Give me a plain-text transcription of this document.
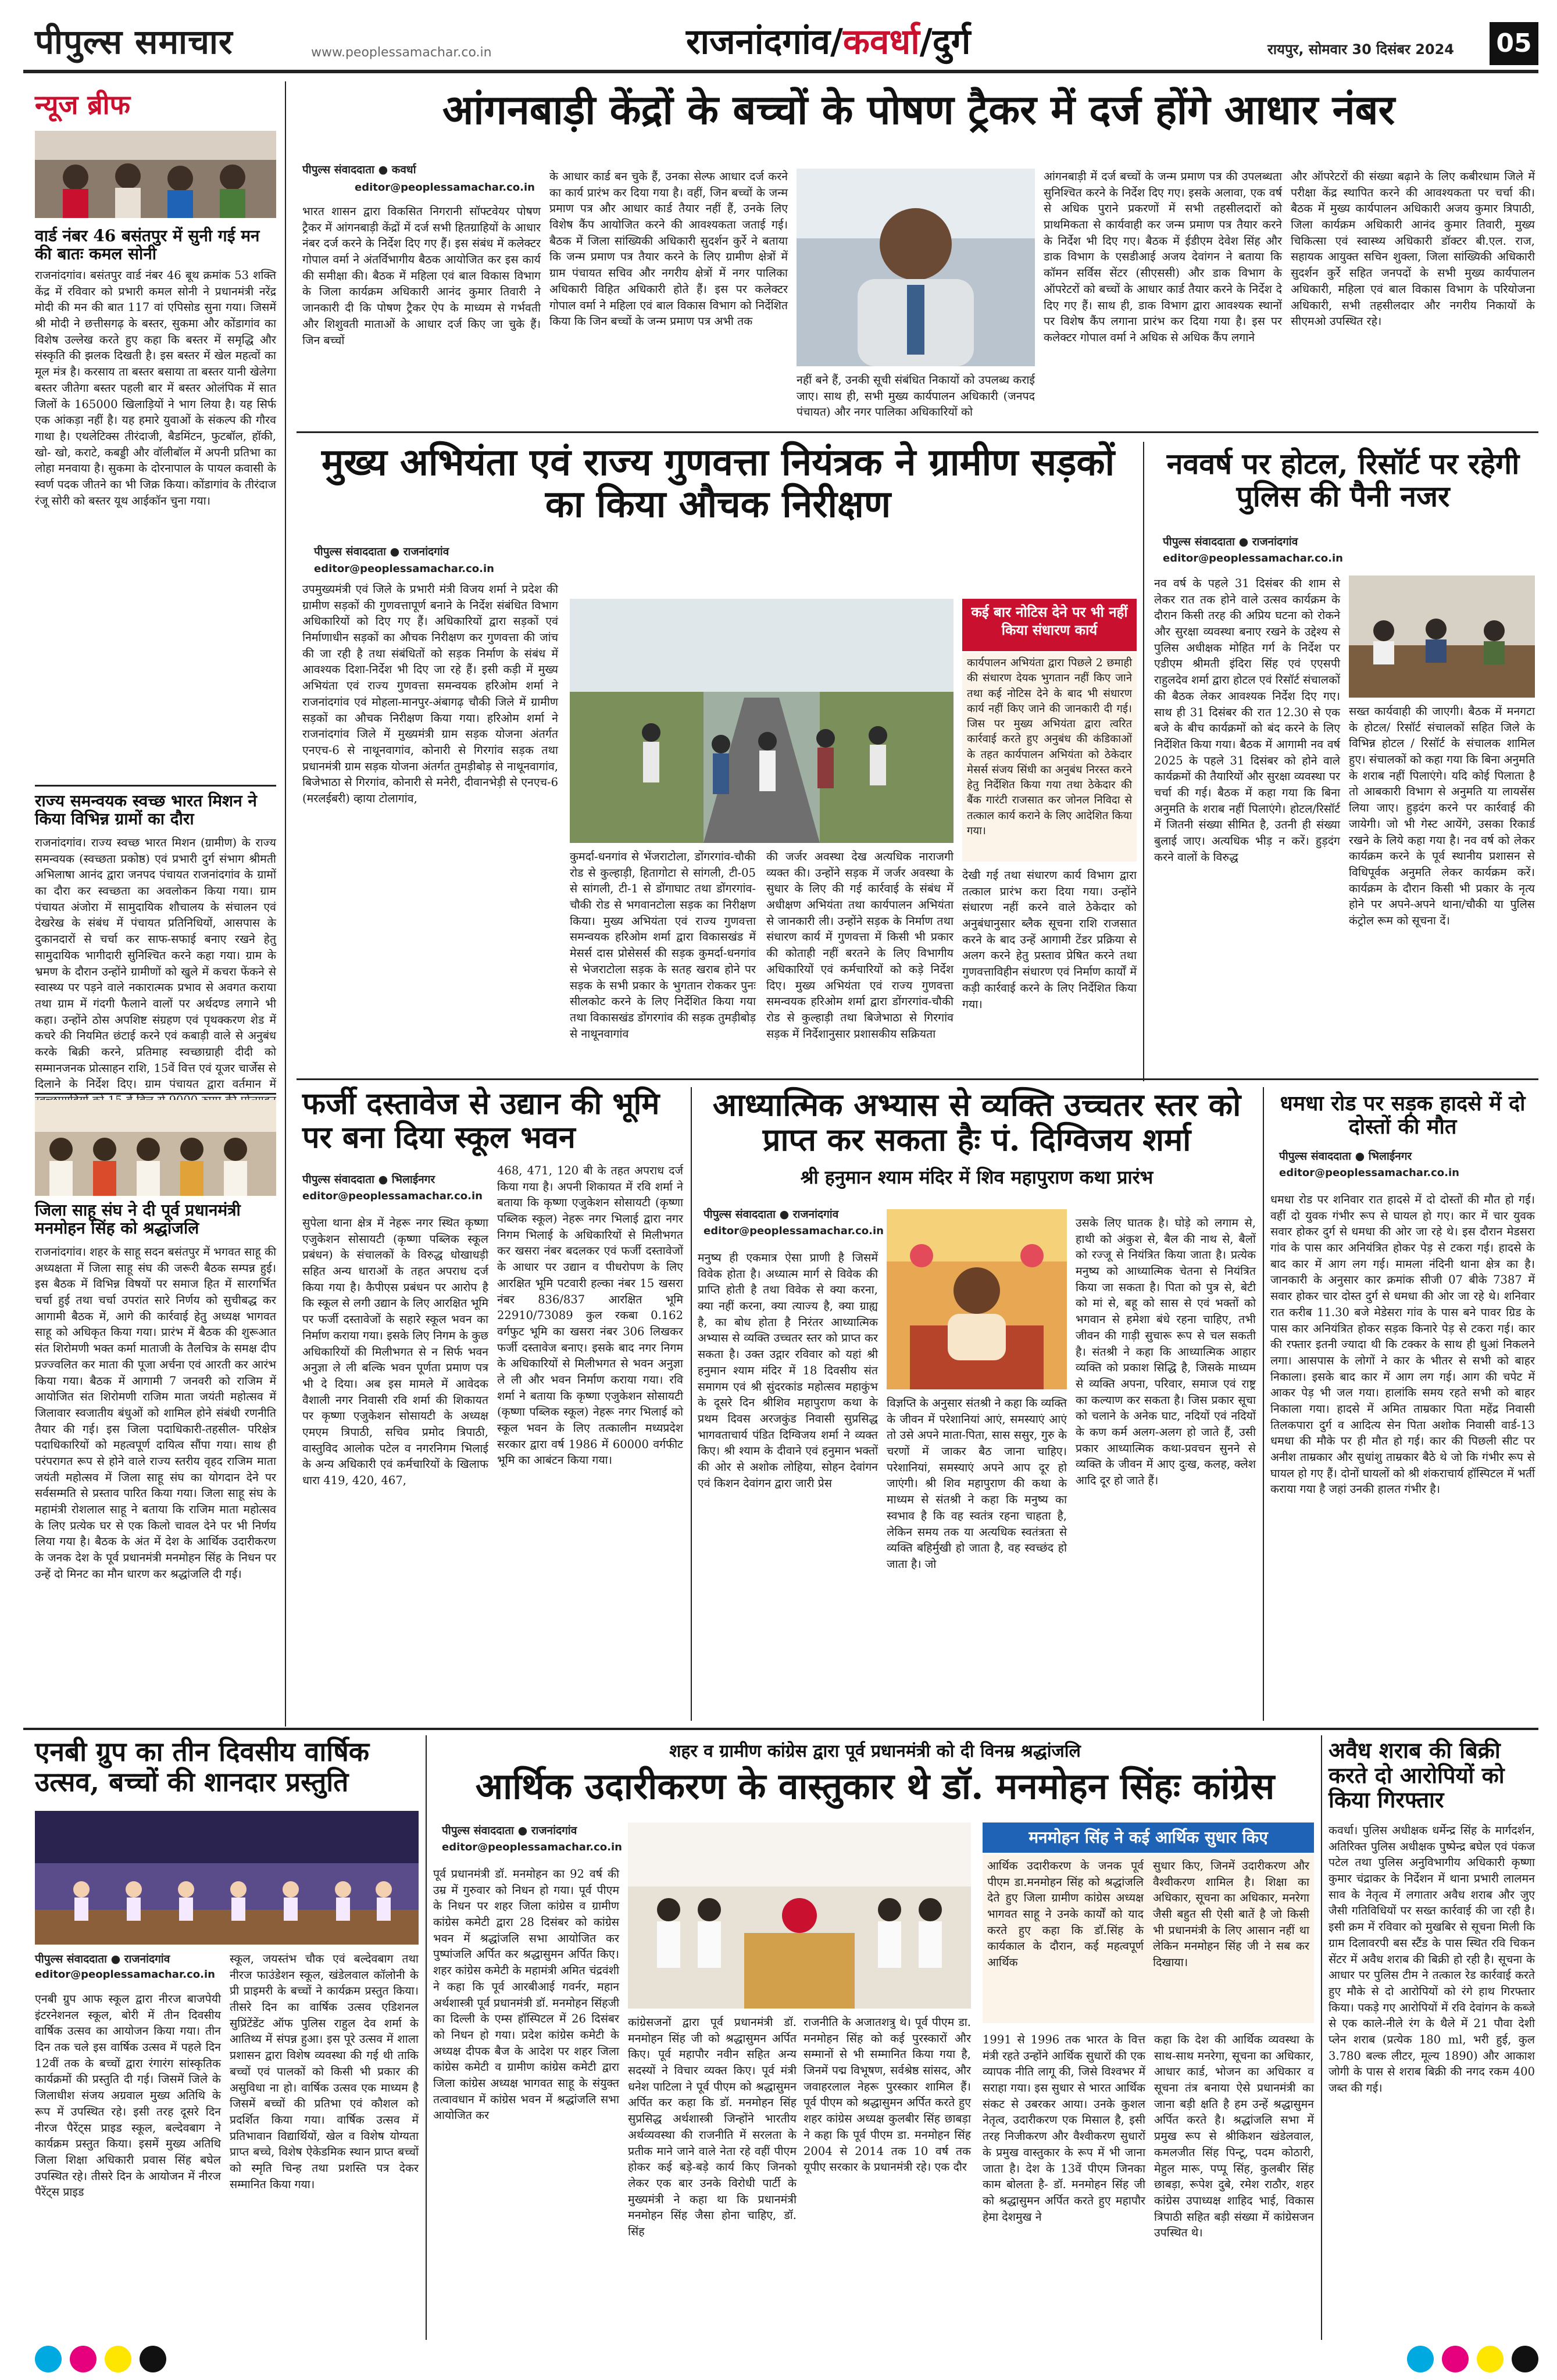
पीपुल्स समाचार	www.peoplessamachar.co.in	राजनांदगांव/कवर्धा/दुर्ग	रायपुर, सोमवार 30 दिसंबर 2024 05
न्यूज ब्रीफ
वार्ड नंबर 46 बसंतपुर में सुनी गई मन की बातः कमल सोनी
राजनांदगांव। बसंतपुर वार्ड नंबर 46 बूथ क्रमांक 53 शक्ति केंद्र में रविवार को प्रभारी कमल सोनी ने प्रधानमंत्री नरेंद्र मोदी की मन की बात 117 वां एपिसोड सुना गया। जिसमें श्री मोदी ने छत्तीसगढ़ के बस्तर, सुकमा और कोंडागांव का विशेष उल्लेख करते हुए कहा कि बस्तर में समृद्धि और संस्कृति की झलक दिखती है। इस बस्तर में खेल महत्वों का मूल मंत्र है। करसाय ता बस्तर बसाया ता बस्तर यानी खेलेगा बस्तर जीतेगा बस्तर पहली बार में बस्तर ओलंपिक में सात जिलों के 165000 खिलाड़ियों ने भाग लिया है। यह सिर्फ एक आंकड़ा नहीं है। यह हमारे युवाओं के संकल्प की गौरव गाथा है। एथलेटिक्स तीरंदाजी, बैडमिंटन, फुटबॉल, हॉकी, खो- खो, कराटे, कबड्डी और वॉलीबॉल में अपनी प्रतिभा का लोहा मनवाया है। सुकमा के दोरनापाल के पायल कवासी के स्वर्ण पदक जीतने का भी जिक्र किया। कोंडागांव के तीरंदाज रंजू सोरी को बस्तर यूथ आईकॉन चुना गया।
राज्य समन्वयक स्वच्छ भारत मिशन ने किया विभिन्न ग्रामों का दौरा
राजनांदगांव। राज्य स्वच्छ भारत मिशन (ग्रामीण) के राज्य समन्वयक (स्वच्छता प्रकोष्ठ) एवं प्रभारी दुर्ग संभाग श्रीमती अभिलाषा आनंद द्वारा जनपद पंचायत राजनांदगांव के ग्रामों का दौरा कर स्वच्छता का अवलोकन किया गया। ग्राम पंचायत अंजोरा में सामुदायिक शौचालय के संचालन एवं देखरेख के संबंध में पंचायत प्रतिनिधियों, आसपास के दुकानदारों से चर्चा कर साफ-सफाई बनाए रखने हेतु सामुदायिक भागीदारी सुनिश्चित करने कहा गया। ग्राम के भ्रमण के दौरान उन्होंने ग्रामीणों को खुले में कचरा फेंकने से स्वास्थ्य पर पड़ने वाले नकारात्मक प्रभाव से अवगत कराया तथा ग्राम में गंदगी फैलाने वालों पर अर्थदण्ड लगाने भी कहा। उन्होंने ठोस अपशिष्ट संग्रहण एवं पृथक्करण शेड में कचरे की नियमित छंटाई करने एवं कबाड़ी वाले से अनुबंध करके बिक्री करने, प्रतिमाह स्वच्छाग्राही दीदी को सम्मानजनक प्रोत्साहन राशि, 15वें वित्त एवं यूजर चार्जेस से दिलाने के निर्देश दिए। ग्राम पंचायत द्वारा वर्तमान में
जिला साहू संघ ने दी पूर्व प्रधानमंत्री मनमोहन सिंह को श्रद्धांजलि
राजनांदगांव। शहर के साहू सदन बसंतपुर में भगवत साहू की अध्यक्षता में जिला साहू संघ की जरूरी बैठक सम्पन्न हुई। इस बैठक में विभिन्न विषयों पर समाज हित में सारगर्भित चर्चा हुई तथा चर्चा उपरांत सारे निर्णय को सुचीबद्ध कर आगामी बैठक में, आगे की कार्रवाई हेतु अध्यक्ष भागवत साहू को अधिकृत किया गया। प्रारंभ में बैठक की शुरूआत संत शिरोमणी भक्त कर्मा माताजी के तैलचित्र के समक्ष दीप प्रज्ज्वलित कर माता की पूजा अर्चना एवं आरती कर आरंभ किया गया। बैठक में आगामी 7 जनवरी को राजिम में आयोजित संत शिरोमणी राजिम माता जयंती महोत्सव में जिलावार स्वजातीय बंधुओं को शामिल होने संबंधी रणनीति तैयार की गई। इस जिला पदाधिकारी-तहसील- परिक्षेत्र पदाधिकारियों को महत्वपूर्ण दायित्व सौंपा गया। साथ ही परंपरागत रूप से होने वाले राज्य स्तरीय वृहद राजिम माता जयंती महोत्सव में जिला साहू संघ का योगदान देने पर सर्वसम्मति से प्रस्ताव पारित किया गया। जिला साहू संघ के महामंत्री रोशलाल साहू ने बताया कि राजिम माता महोत्सव के लिए प्रत्येक घर से एक किलो चावल देने पर भी निर्णय लिया गया है। बैठक के अंत में देश के आर्थिक उदारीकरण के जनक देश के पूर्व प्रधानमंत्री मनमोहन सिंह के निधन पर उन्हें दो मिनट का मौन धारण कर श्रद्धांजलि दी गई।
आंगनबाड़ी केंद्रों के बच्चों के पोषण ट्रैकर में दर्ज होंगे आधार नंबर
पीपुल्स संवाददाता ● कवर्धा
editor@peoplessamachar.co.in
भारत शासन द्वारा विकसित निगरानी सॉफ्टवेयर पोषण ट्रैकर में आंगनबाड़ी केंद्रों में दर्ज सभी हितग्राहियों के आधार नंबर दर्ज करने के निर्देश दिए गए हैं। इस संबंध में कलेक्टर गोपाल वर्मा ने अंतर्विभागीय बैठक आयोजित कर इस कार्य की समीक्षा की। बैठक में महिला एवं बाल विकास विभाग के जिला कार्यक्रम अधिकारी आनंद कुमार तिवारी ने जानकारी दी कि पोषण ट्रैकर ऐप के माध्यम से गर्भवती और शिशुवती माताओं के आधार दर्ज किए जा चुके हैं। जिन बच्चों
के आधार कार्ड बन चुके हैं, उनका सेल्फ आधार दर्ज करने का कार्य प्रारंभ कर दिया गया है। वहीं, जिन बच्चों के जन्म प्रमाण पत्र और आधार कार्ड तैयार नहीं हैं, उनके लिए विशेष कैंप आयोजित करने की आवश्यकता जताई गई। बैठक में जिला सांख्यिकी अधिकारी सुदर्शन कुर्रे ने बताया कि जन्म प्रमाण पत्र तैयार करने के लिए ग्रामीण क्षेत्रों में ग्राम पंचायत सचिव और नगरीय क्षेत्रों में नगर पालिका अधिकारी विहित अधिकारी होते हैं। इस पर कलेक्टर गोपाल वर्मा ने महिला एवं बाल विकास विभाग को निर्देशित किया कि जिन बच्चों के जन्म प्रमाण पत्र अभी तक
नहीं बने हैं, उनकी सूची संबंधित निकायों को उपलब्ध कराई जाए। साथ ही, सभी मुख्य कार्यपालन अधिकारी (जनपद पंचायत) और नगर पालिका अधिकारियों को
आंगनबाड़ी में दर्ज बच्चों के जन्म प्रमाण पत्र की उपलब्धता सुनिश्चित करने के निर्देश दिए गए। इसके अलावा, एक वर्ष से अधिक पुराने प्रकरणों में सभी तहसीलदारों को प्राथमिकता से कार्यवाही कर जन्म प्रमाण पत्र तैयार करने के निर्देश भी दिए गए। बैठक में ईडीएम देवेश सिंह और डाक विभाग के एसडीआई अजय देवांगन ने बताया कि कॉमन सर्विस सेंटर (सीएससी) और डाक विभाग के ऑपरेटरों को बच्चों के आधार कार्ड तैयार करने के निर्देश दे दिए गए हैं। साथ ही, डाक विभाग द्वारा आवश्यक स्थानों पर विशेष कैंप लगाना प्रारंभ कर दिया गया है। इस पर कलेक्टर गोपाल वर्मा ने अधिक से अधिक कैंप लगाने
और ऑपरेटरों की संख्या बढ़ाने के लिए कबीरधाम जिले में परीक्षा केंद्र स्थापित करने की आवश्यकता पर चर्चा की। बैठक में मुख्य कार्यपालन अधिकारी अजय कुमार त्रिपाठी, जिला कार्यक्रम अधिकारी आनंद कुमार तिवारी, मुख्य चिकित्सा एवं स्वास्थ्य अधिकारी डॉक्टर बी.एल. राज, सहायक आयुक्त सचिन शुक्ला, जिला सांख्यिकी अधिकारी सुदर्शन कुर्रे सहित जनपदों के सभी मुख्य कार्यपालन अधिकारी, महिला एवं बाल विकास विभाग के परियोजना अधिकारी, सभी तहसीलदार और नगरीय निकायों के सीएमओ उपस्थित रहे।
मुख्य अभियंता एवं राज्य गुणवत्ता नियंत्रक ने ग्रामीण सड़कों का किया औचक निरीक्षण
पीपुल्स संवाददाता ● राजनांदगांव
editor@peoplessamachar.co.in
कई बार नोटिस देने पर भी नहीं किया संधारण कार्य
कार्यपालन अभियंता द्वारा पिछले 2 छमाही की संधारण देयक भुगतान नहीं किए जाने तथा कई नोटिस देने के बाद भी संधारण कार्य नहीं किए जाने की जानकारी दी गई। जिस पर मुख्य अभियंता द्वारा त्वरित कार्रवाई करते हुए अनुबंध की कंडिकाओं के तहत कार्यपालन अभियंता को ठेकेदार मेसर्स संजय सिंधी का अनुबंध निरस्त करने हेतु निर्देशित किया गया तथा ठेकेदार की बैंक गारंटी राजसात कर जोनल निविदा से तत्काल कार्य कराने के लिए आदेशित किया गया।
उपमुख्यमंत्री एवं जिले के प्रभारी मंत्री विजय शर्मा ने प्रदेश की ग्रामीण सड़कों की गुणवत्तापूर्ण बनाने के निर्देश संबंधित विभाग अधिकारियों को दिए गए हैं। अधिकारियों द्वारा सड़कों एवं निर्माणाधीन सड़कों का औचक निरीक्षण कर गुणवत्ता की जांच की जा रही है तथा संबंधितों को सड़क निर्माण के संबंध में आवश्यक दिशा-निर्देश भी दिए जा रहे हैं। इसी कड़ी में मुख्य अभियंता एवं राज्य गुणवत्ता समन्वयक हरिओम शर्मा ने राजनांदगांव एवं मोहला-मानपुर-अंबागढ़ चौकी जिले में ग्रामीण सड़कों का औचक निरीक्षण किया गया। हरिओम शर्मा ने राजनांदगांव जिले में मुख्यमंत्री ग्राम सड़क योजना अंतर्गत एनएच-6 से नाथूनवागांव, कोनारी से गिरगांव सड़क तथा प्रधानमंत्री ग्राम सड़क योजना अंतर्गत तुमड़ीबोड़ से नाथूनवागांव, बिजेभाठा से गिरगांव, कोनारी से मनेरी, दीवानभेड़ी से एनएच-6 (मरलईबरी) व्हाया टोलागांव,
कुमर्दा-धनगांव से भेंजराटोला, डोंगरगांव-चौकी रोड से कुल्हाड़ी, हितागोटा से सांगली, टी-05 से सांगली, टी-1 से डोंगाघाट तथा डोंगरगांव-चौकी रोड से भगवानटोला सड़क का निरीक्षण किया। मुख्य अभियंता एवं राज्य गुणवत्ता समन्वयक हरिओम शर्मा द्वारा विकासखंड में मेसर्स दास प्रोसेसर्स की सड़क कुमर्दा-धनगांव से भेजराटोला सड़क के सतह खराब होने पर सड़क के सभी प्रकार के भुगतान रोककर पुनः सीलकोट करने के लिए निर्देशित किया गया तथा विकासखंड डोंगरगांव की सड़क तुमड़ीबोड़ से नाथूनवागांव
की जर्जर अवस्था देख अत्यधिक नाराजगी व्यक्त की। उन्होंने सड़क में जर्जर अवस्था के सुधार के लिए की गई कार्रवाई के संबंध में अधीक्षण अभियंता तथा कार्यपालन अभियंता से जानकारी ली। उन्होंने सड़क के निर्माण तथा संधारण कार्य में गुणवत्ता में किसी भी प्रकार की कोताही नहीं बरतने के लिए विभागीय अधिकारियों एवं कर्मचारियों को कड़े निर्देश दिए। मुख्य अभियंता एवं राज्य गुणवत्ता समन्वयक हरिओम शर्मा द्वारा डोंगरगांव-चौकी रोड से कुल्हाड़ी तथा बिजेभाठा से गिरगांव सड़क में निर्देशानुसार प्रशासकीय सक्रियता
देखी गई तथा संधारण कार्य विभाग द्वारा तत्काल प्रारंभ करा दिया गया। उन्होंने संधारण नहीं करने वाले ठेकेदार को अनुबंधानुसार ब्लैक सूचना राशि राजसात करने के बाद उन्हें आगामी टेंडर प्रक्रिया से अलग करने हेतु प्रस्ताव प्रेषित करने तथा गुणवत्ताविहीन संधारण एवं निर्माण कार्यों में कड़ी कार्रवाई करने के लिए निर्देशित किया गया।
नववर्ष पर होटल, रिसॉर्ट पर रहेगी पुलिस की पैनी नजर
पीपुल्स संवाददाता ● राजनांदगांव
editor@peoplessamachar.co.in
नव वर्ष के पहले 31 दिसंबर की शाम से लेकर रात तक होने वाले उत्सव कार्यक्रम के दौरान किसी तरह की अप्रिय घटना को रोकने और सुरक्षा व्यवस्था बनाए रखने के उद्देश्य से पुलिस अधीक्षक मोहित गर्ग के निर्देश पर एडीएम श्रीमती इंदिरा सिंह एवं एएसपी राहुलदेव शर्मा द्वारा होटल एवं रिसॉर्ट संचालकों की बैठक लेकर आवश्यक निर्देश दिए गए। साथ ही 31 दिसंबर की रात 12.30 से एक बजे के बीच कार्यक्रमों को बंद करने के लिए निर्देशित किया गया। बैठक में आगामी नव वर्ष 2025 के पहले 31 दिसंबर को होने वाले कार्यक्रमों की तैयारियों और सुरक्षा व्यवस्था पर चर्चा की गई। बैठक में कहा गया कि बिना अनुमति के शराब नहीं पिलाएंगे। होटल/रिसॉर्ट में जितनी संख्या सीमित है, उतनी ही संख्या बुलाई जाए। अत्यधिक भीड़ न करें। हुड़दंग करने वालों के विरुद्ध
सख्त कार्यवाही की जाएगी। बैठक में मनगटा के होटल/ रिसॉर्ट संचालकों सहित जिले के विभिन्न होटल / रिसॉर्ट के संचालक शामिल हुए। संचालकों को कहा गया कि बिना अनुमति के शराब नहीं पिलाएंगे। यदि कोई पिलाता है तो आबकारी विभाग से अनुमति या लायसेंस लिया जाए। हुड़दंग करने पर कार्रवाई की जायेगी। जो भी गेस्ट आयेंगे, उसका रिकार्ड रखने के लिये कहा गया है। नव वर्ष को लेकर कार्यक्रम करने के पूर्व स्थानीय प्रशासन से विधिपूर्वक अनुमति लेकर कार्यक्रम करें। कार्यक्रम के दौरान किसी भी प्रकार के नृत्य होने पर अपने-अपने थाना/चौकी या पुलिस कंट्रोल रूम को सूचना दें।
फर्जी दस्तावेज से उद्यान की भूमि पर बना दिया स्कूल भवन
पीपुल्स संवाददाता ● भिलाईनगर
editor@peoplessamachar.co.in
सुपेला थाना क्षेत्र में नेहरू नगर स्थित कृष्णा एजुकेशन सोसायटी (कृष्णा पब्लिक स्कूल प्रबंधन) के संचालकों के विरुद्ध धोखाधड़ी सहित अन्य धाराओं के तहत अपराध दर्ज किया गया है। कैपीएस प्रबंधन पर आरोप है कि स्कूल से लगी उद्यान के लिए आरक्षित भूमि पर फर्जी दस्तावेजों के सहारे स्कूल भवन का निर्माण कराया गया। इसके लिए निगम के कुछ अधिकारियों की मिलीभगत से न सिर्फ भवन अनुज्ञा ले ली बल्कि भवन पूर्णता प्रमाण पत्र भी दे दिया। अब इस मामले में आवेदक वैशाली नगर निवासी रवि शर्मा की शिकायत पर कृष्णा एजुकेशन सोसायटी के अध्यक्ष एमएम त्रिपाठी, सचिव प्रमोद त्रिपाठी, वास्तुविद आलोक पटेल व नगरनिगम भिलाई के अन्य अधिकारी एवं कर्मचारियों के खिलाफ धारा 419, 420, 467,
468, 471, 120 बी के तहत अपराध दर्ज किया गया है। अपनी शिकायत में रवि शर्मा ने बताया कि कृष्णा एजुकेशन सोसायटी (कृष्णा पब्लिक स्कूल) नेहरू नगर भिलाई द्वारा नगर निगम भिलाई के अधिकारियों से मिलीभगत कर खसरा नंबर बदलकर एवं फर्जी दस्तावेजों के आधार पर उद्यान व पीधरोपण के लिए आरक्षित भूमि पटवारी हल्का नंबर 15 खसरा नंबर 836/837 आरक्षित भूमि 22910/73089 कुल रकबा 0.162 वर्गफुट भूमि का खसरा नंबर 306 लिखकर फर्जी दस्तावेज बनाए। इसके बाद नगर निगम के अधिकारियों से मिलीभगत से भवन अनुज्ञा ले ली और भवन निर्माण कराया गया। रवि शर्मा ने बताया कि कृष्णा एजुकेशन सोसायटी (कृष्णा पब्लिक स्कूल) नेहरू नगर भिलाई को स्कूल भवन के लिए तत्कालीन मध्यप्रदेश सरकार द्वारा वर्ष 1986 में 60000 वर्गफीट भूमि का आबंटन किया गया।
आध्यात्मिक अभ्यास से व्यक्ति उच्चतर स्तर को प्राप्त कर सकता हैः पं. दिग्विजय शर्मा
श्री हनुमान श्याम मंदिर में शिव महापुराण कथा प्रारंभ
पीपुल्स संवाददाता ● राजनांदगांव
editor@peoplessamachar.co.in
मनुष्य ही एकमात्र ऐसा प्राणी है जिसमें विवेक होता है। अध्यात्म मार्ग से विवेक की प्राप्ति होती है तथा विवेक से क्या करना, क्या नहीं करना, क्या त्याज्य है, क्या ग्राह्य है, का बोध होता है निरंतर आध्यात्मिक अभ्यास से व्यक्ति उच्चतर स्तर को प्राप्त कर सकता है। उक्त उद्गार रविवार को यहां श्री हनुमान श्याम मंदिर में 18 दिवसीय संत समागम एवं श्री सुंदरकांड महोत्सव महाकुंभ के दूसरे दिन श्रीशिव महापुराण कथा के प्रथम दिवस अरजकुंड निवासी सुप्रसिद्ध भागवताचार्य पंडित दिग्विजय शर्मा ने व्यक्त किए। श्री श्याम के दीवाने एवं हनुमान भक्तों की ओर से अशोक लोहिया, सोहन देवांगन एवं किशन देवांगन द्वारा जारी प्रेस
विज्ञप्ति के अनुसार संतश्री ने कहा कि व्यक्ति के जीवन में परेशानियां आएं, समस्याएं आएं तो उसे अपने माता-पिता, सास ससुर, गुरु के चरणों में जाकर बैठ जाना चाहिए। परेशानियां, समस्याएं अपने आप दूर हो जाएंगी। श्री शिव महापुराण की कथा के माध्यम से संतश्री ने कहा कि मनुष्य का स्वभाव है कि वह स्वतंत्र रहना चाहता है, लेकिन समय तक या अत्यधिक स्वतंत्रता से व्यक्ति बहिर्मुखी हो जाता है, वह स्वच्छंद हो जाता है। जो
उसके लिए घातक है। घोड़े को लगाम से, हाथी को अंकुश से, बैल की नाथ से, बैलों को रज्जू से नियंत्रित किया जाता है। प्रत्येक मनुष्य को आध्यात्मिक चेतना से नियंत्रित किया जा सकता है। पिता को पुत्र से, बेटी को मां से, बहू को सास से एवं भक्तों को भगवान से हमेशा बंधे रहना चाहिए, तभी जीवन की गाड़ी सुचारू रूप से चल सकती है। संतश्री ने कहा कि आध्यात्मिक आहार व्यक्ति को प्रकाश सिद्धि है, जिसके माध्यम से व्यक्ति अपना, परिवार, समाज एवं राष्ट्र का कल्याण कर सकता है। जिस प्रकार सूचा को चलाने के अनेक घाट, नदियों एवं नदियों के कण कर्म अलग-अलग हो जाते हैं, उसी प्रकार आध्यात्मिक कथा-प्रवचन सुनने से व्यक्ति के जीवन में आए दुःख, कलह, क्लेश आदि दूर हो जाते हैं।
धमधा रोड पर सड़क हादसे में दो दोस्तों की मौत
पीपुल्स संवाददाता ● भिलाईनगर
editor@peoplessamachar.co.in
धमधा रोड पर शनिवार रात हादसे में दो दोस्तों की मौत हो गई। वहीं दो युवक गंभीर रूप से घायल हो गए। कार में चार युवक सवार होकर दुर्ग से धमधा की ओर जा रहे थे। इस दौरान मेडसरा गांव के पास कार अनियंत्रित होकर पेड़ से टकरा गई। हादसे के बाद कार में आग लग गई। मामला नंदिनी थाना क्षेत्र का है। जानकारी के अनुसार कार क्रमांक सीजी 07 बीके 7387 में सवार होकर चार दोस्त दुर्ग से धमधा की ओर जा रहे थे। शनिवार रात करीब 11.30 बजे मेडेसरा गांव के पास बने पावर ग्रिड के पास कार अनियंत्रित होकर सड़क किनारे पेड़ से टकरा गई। कार की रफ्तार इतनी ज्यादा थी कि टक्कर के साथ ही धुआं निकलने लगा। आसपास के लोगों ने कार के भीतर से सभी को बाहर निकाला। इसके बाद कार में आग लग गई। आग की चपेट में आकर पेड़ भी जल गया। हालांकि समय रहते सभी को बाहर निकाला गया। हादसे में अमित ताम्रकार पिता महेंद्र निवासी तिलकपारा दुर्ग व आदित्य सेन पिता अशोक निवासी वार्ड-13 धमधा की मौके पर ही मौत हो गई। कार की पिछली सीट पर अनीश ताम्रकार और सुधांशु ताम्रकार बैठे थे जो कि गंभीर रूप से घायल हो गए हैं। दोनों घायलों को श्री शंकराचार्य हॉस्पिटल में भर्ती कराया गया है जहां उनकी हालत गंभीर है।
एनबी ग्रुप का तीन दिवसीय वार्षिक उत्सव, बच्चों की शानदार प्रस्तुति
पीपुल्स संवाददाता ● राजनांदगांव
editor@peoplessamachar.co.in
एनबी ग्रुप आफ स्कूल द्वारा नीरज बाजपेयी इंटरनेशनल स्कूल, बोरी में तीन दिवसीय वार्षिक उत्सव का आयोजन किया गया। तीन दिन तक चले इस वार्षिक उत्सव में पहले दिन 12वीं तक के बच्चों द्वारा रंगारंग सांस्कृतिक कार्यक्रमों की प्रस्तुति दी गई। जिसमें जिले के जिलाधीश संजय अग्रवाल मुख्य अतिथि के रूप में उपस्थित रहे। इसी तरह दूसरे दिन नीरज पैरेंट्स प्राइड स्कूल, बल्देवबाग ने कार्यक्रम प्रस्तुत किया। इसमें मुख्य अतिथि जिला शिक्षा अधिकारी प्रवास सिंह बघेल उपस्थित रहे। तीसरे दिन के आयोजन में नीरज पैरेंट्स प्राइड
स्कूल, जयस्तंभ चौक एवं बल्देवबाग तथा नीरज फाउंडेशन स्कूल, खंडेलवाल कॉलोनी के प्री प्राइमरी के बच्चों ने कार्यक्रम प्रस्तुत किया। तीसरे दिन का वार्षिक उत्सव एडिशनल सुप्रिंटेंडेंट ऑफ पुलिस राहुल देव शर्मा के आतिथ्य में संपन्न हुआ। इस पूरे उत्सव में शाला प्रशासन द्वारा विशेष व्यवस्था की गई थी ताकि बच्चों एवं पालकों को किसी भी प्रकार की असुविधा ना हो। वार्षिक उत्सव एक माध्यम है जिसमें बच्चों की प्रतिभा एवं कौशल को प्रदर्शित किया गया। वार्षिक उत्सव में प्रतिभावान विद्यार्थियों, खेल व विशेष योग्यता प्राप्त बच्चे, विशेष ऐकेडमिक स्थान प्राप्त बच्चों को स्मृति चिन्ह तथा प्रशस्ति पत्र देकर सम्मानित किया गया।
शहर व ग्रामीण कांग्रेस द्वारा पूर्व प्रधानमंत्री को दी विनम्र श्रद्धांजलि
आर्थिक उदारीकरण के वास्तुकार थे डॉ. मनमोहन सिंहः कांग्रेस
पीपुल्स संवाददाता ● राजनांदगांव
editor@peoplessamachar.co.in
पूर्व प्रधानमंत्री डॉ. मनमोहन का 92 वर्ष की उम्र में गुरुवार को निधन हो गया। पूर्व पीएम के निधन पर शहर जिला कांग्रेस व ग्रामीण कांग्रेस कमेटी द्वारा 28 दिसंबर को कांग्रेस भवन में श्रद्धांजलि सभा आयोजित कर पुष्पांजलि अर्पित कर श्रद्धासुमन अर्पित किए। शहर कांग्रेस कमेटी के महामंत्री अमित चंद्रवंशी ने कहा कि पूर्व आरबीआई गवर्नर, महान अर्थशास्त्री पूर्व प्रधानमंत्री डॉ. मनमोहन सिंहजी का दिल्ली के एम्स हॉस्पिटल में 26 दिसंबर को निधन हो गया। प्रदेश कांग्रेस कमेटी के अध्यक्ष दीपक बैज के आदेश पर शहर जिला कांग्रेस कमेटी व ग्रामीण कांग्रेस कमेटी द्वारा जिला कांग्रेस अध्यक्ष भागवत साहू के संयुक्त तत्वावधान में कांग्रेस भवन में श्रद्धांजलि सभा आयोजित कर
कांग्रेसजनों द्वारा पूर्व प्रधानमंत्री डॉ. मनमोहन सिंह जी को श्रद्धासुमन अर्पित किए। पूर्व महापौर नवीन सहित अन्य सदस्यों ने विचार व्यक्त किए। पूर्व मंत्री धनेश पाटिला ने पूर्व पीएम को श्रद्धासुमन अर्पित कर कहा कि डॉ. मनमोहन सिंह सुप्रसिद्ध अर्थशास्त्री जिन्होंने भारतीय अर्थव्यवस्था की राजनीति में सरलता के प्रतीक माने जाने वाले नेता रहे वहीं पीएम होकर कई बड़े-बड़े कार्य किए जिनको लेकर एक बार उनके विरोधी पार्टी के मुख्यमंत्री ने कहा था कि प्रधानमंत्री मनमोहन सिंह जैसा होना चाहिए, डॉ. सिंह
राजनीति के अजातशत्रु थे। पूर्व पीएम डा. मनमोहन सिंह को कई पुरस्कारों और सम्मानों से भी सम्मानित किया गया है, जिनमें पद्म विभूषण, सर्वश्रेष्ठ सांसद, और जवाहरलाल नेहरू पुरस्कार शामिल हैं। पूर्व पीएम को श्रद्धासुमन अर्पित करते हुए शहर कांग्रेस अध्यक्ष कुलबीर सिंह छाबड़ा ने कहा कि पूर्व पीएम डा. मनमोहन सिंह 2004 से 2014 तक 10 वर्ष तक यूपीए सरकार के प्रधानमंत्री रहे। एक दौर
मनमोहन सिंह ने कई आर्थिक सुधार किए
आर्थिक उदारीकरण के जनक पूर्व पीएम डा.मनमोहन सिंह को श्रद्धांजलि देते हुए जिला ग्रामीण कांग्रेस अध्यक्ष भागवत साहू ने उनके कार्यों को याद करते हुए कहा कि डॉ.सिंह के कार्यकाल के दौरान, कई महत्वपूर्ण आर्थिक
सुधार किए, जिनमें उदारीकरण और वैश्वीकरण शामिल है। शिक्षा का अधिकार, सूचना का अधिकार, मनरेगा जैसी बहुत सी ऐसी बातें है जो किसी भी प्रधानमंत्री के लिए आसान नहीं था लेकिन मनमोहन सिंह जी ने सब कर दिखाया।
1991 से 1996 तक भारत के वित्त मंत्री रहते उन्होंने आर्थिक सुधारों की एक व्यापक नीति लागू की, जिसे विश्वभर में सराहा गया। इस सुधार से भारत आर्थिक संकट से उबरकर आया। उनके कुशल नेतृत्व, उदारीकरण एक मिसाल है, इसी तरह निजीकरण और वैश्वीकरण सुधारों के प्रमुख वास्तुकार के रूप में भी जाना जाता है। देश के 13वें पीएम जिनका काम बोलता है- डॉ. मनमोहन सिंह जी को श्रद्धासुमन अर्पित करते हुए महापौर हेमा देशमुख ने
कहा कि देश की आर्थिक व्यवस्था के साथ-साथ मनरेगा, सूचना का अधिकार, आधार कार्ड, भोजन का अधिकार व सूचना तंत्र बनाया ऐसे प्रधानमंत्री का जाना बड़ी क्षति है हम उन्हें श्रद्धासुमन अर्पित करते है। श्रद्धांजलि सभा में प्रमुख रूप से श्रीकिशन खंडेलवाल, कमलजीत सिंह पिन्टू, पदम कोठारी, मेहुल मारू, पप्पू सिंह, कुलबीर सिंह छाबड़ा, रूपेश दुबे, रमेश राठौर, शहर कांग्रेस उपाध्यक्ष शाहिद भाई, विकास त्रिपाठी सहित बड़ी संख्या में कांग्रेसजन उपस्थित थे।
अवैध शराब की बिक्री करते दो आरोपियों को किया गिरफ्तार
कवर्धा। पुलिस अधीक्षक धर्मेन्द्र सिंह के मार्गदर्शन, अतिरिक्त पुलिस अधीक्षक पुष्पेन्द्र बघेल एवं पंकज पटेल तथा पुलिस अनुविभागीय अधिकारी कृष्णा कुमार चंद्राकर के निर्देशन में थाना प्रभारी लालमन साव के नेतृत्व में लगातार अवैध शराब और जुए जैसी गतिविधियों पर सख्त कार्रवाई की जा रही है। इसी क्रम में रविवार को मुखबिर से सूचना मिली कि ग्राम दिलावरपी बस स्टैंड के पास स्थित रवि चिकन सेंटर में अवैध शराब की बिक्री हो रही है। सूचना के आधार पर पुलिस टीम ने तत्काल रेड कार्रवाई करते हुए मौके से दो आरोपियों को रंगे हाथ गिरफ्तार किया। पकड़े गए आरोपियों में रवि देवांगन के कब्जे से एक काले-नीले रंग के थैले में 21 पौवा देशी प्लेन शराब (प्रत्येक 180 ml, भरी हुई, कुल 3.780 बल्क लीटर, मूल्य 1890) और आकाश जोगी के पास से शराब बिक्री की नगद रकम 400 जब्त की गई।
